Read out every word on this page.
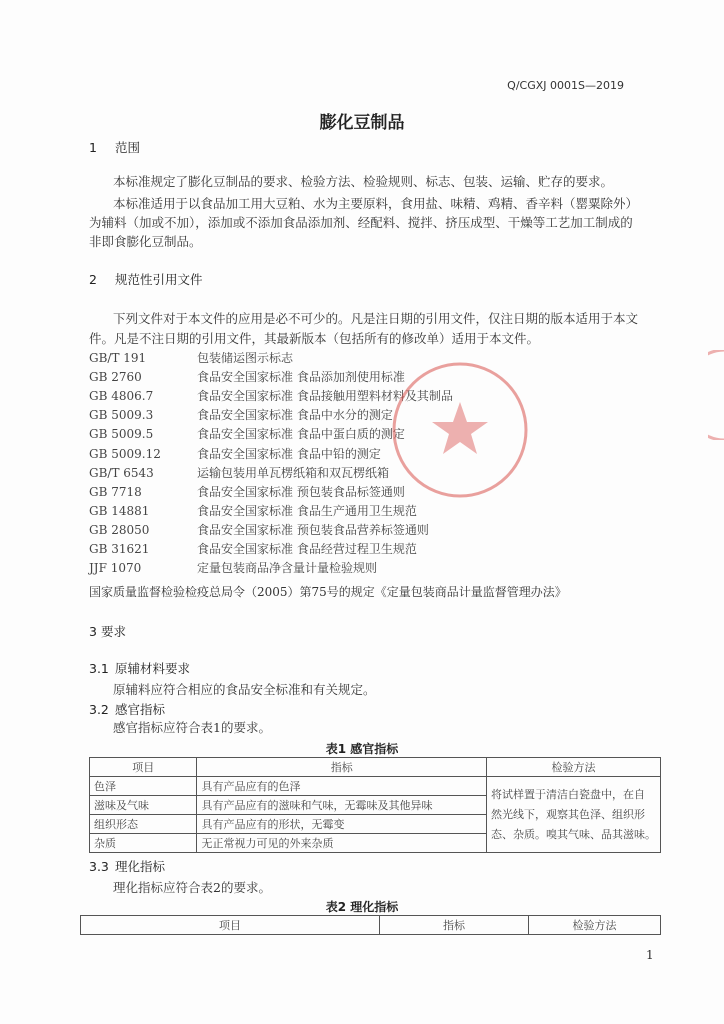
Q/CGXJ 0001S—2019
膨化豆制品
1 范围
本标准规定了膨化豆制品的要求、检验方法、检验规则、标志、包装、运输、贮存的要求。
本标准适用于以食品加工用大豆粕、水为主要原料，食用盐、味精、鸡精、香辛料（罂粟除外）
为辅料（加或不加），添加或不添加食品添加剂、经配料、搅拌、挤压成型、干燥等工艺加工制成的
非即食膨化豆制品。
2 规范性引用文件
下列文件对于本文件的应用是必不可少的。凡是注日期的引用文件，仅注日期的版本适用于本文
件。凡是不注日期的引用文件，其最新版本（包括所有的修改单）适用于本文件。
GB/T 191	包装储运图示标志
GB 2760	食品安全国家标准 食品添加剂使用标准
GB 4806.7	食品安全国家标准 食品接触用塑料材料及其制品
GB 5009.3	食品安全国家标准 食品中水分的测定
GB 5009.5	食品安全国家标准 食品中蛋白质的测定
GB 5009.12	食品安全国家标准 食品中铅的测定
GB/T 6543	运输包装用单瓦楞纸箱和双瓦楞纸箱
GB 7718	食品安全国家标准 预包装食品标签通则
GB 14881	食品安全国家标准 食品生产通用卫生规范
GB 28050	食品安全国家标准 预包装食品营养标签通则
GB 31621	食品安全国家标准 食品经营过程卫生规范
JJF 1070	定量包装商品净含量计量检验规则
国家质量监督检验检疫总局令（2005）第75号的规定《定量包装商品计量监督管理办法》
3 要求
3.1 原辅材料要求
原辅料应符合相应的食品安全标准和有关规定。
3.2 感官指标
感官指标应符合表1的要求。
表1 感官指标
项目	指标	检验方法
色泽	具有产品应有的色泽	将试样置于清洁白瓷盘中，在自
然光线下，观察其色泽、组织形
态、杂质。嗅其气味、品其滋味。

滋味及气味	具有产品应有的滋味和气味，无霉味及其他异味	
组织形态	具有产品应有的形状，无霉变	
杂质	无正常视力可见的外来杂质	
3.3 理化指标
理化指标应符合表2的要求。
表2 理化指标
项目	指标	检验方法
1
